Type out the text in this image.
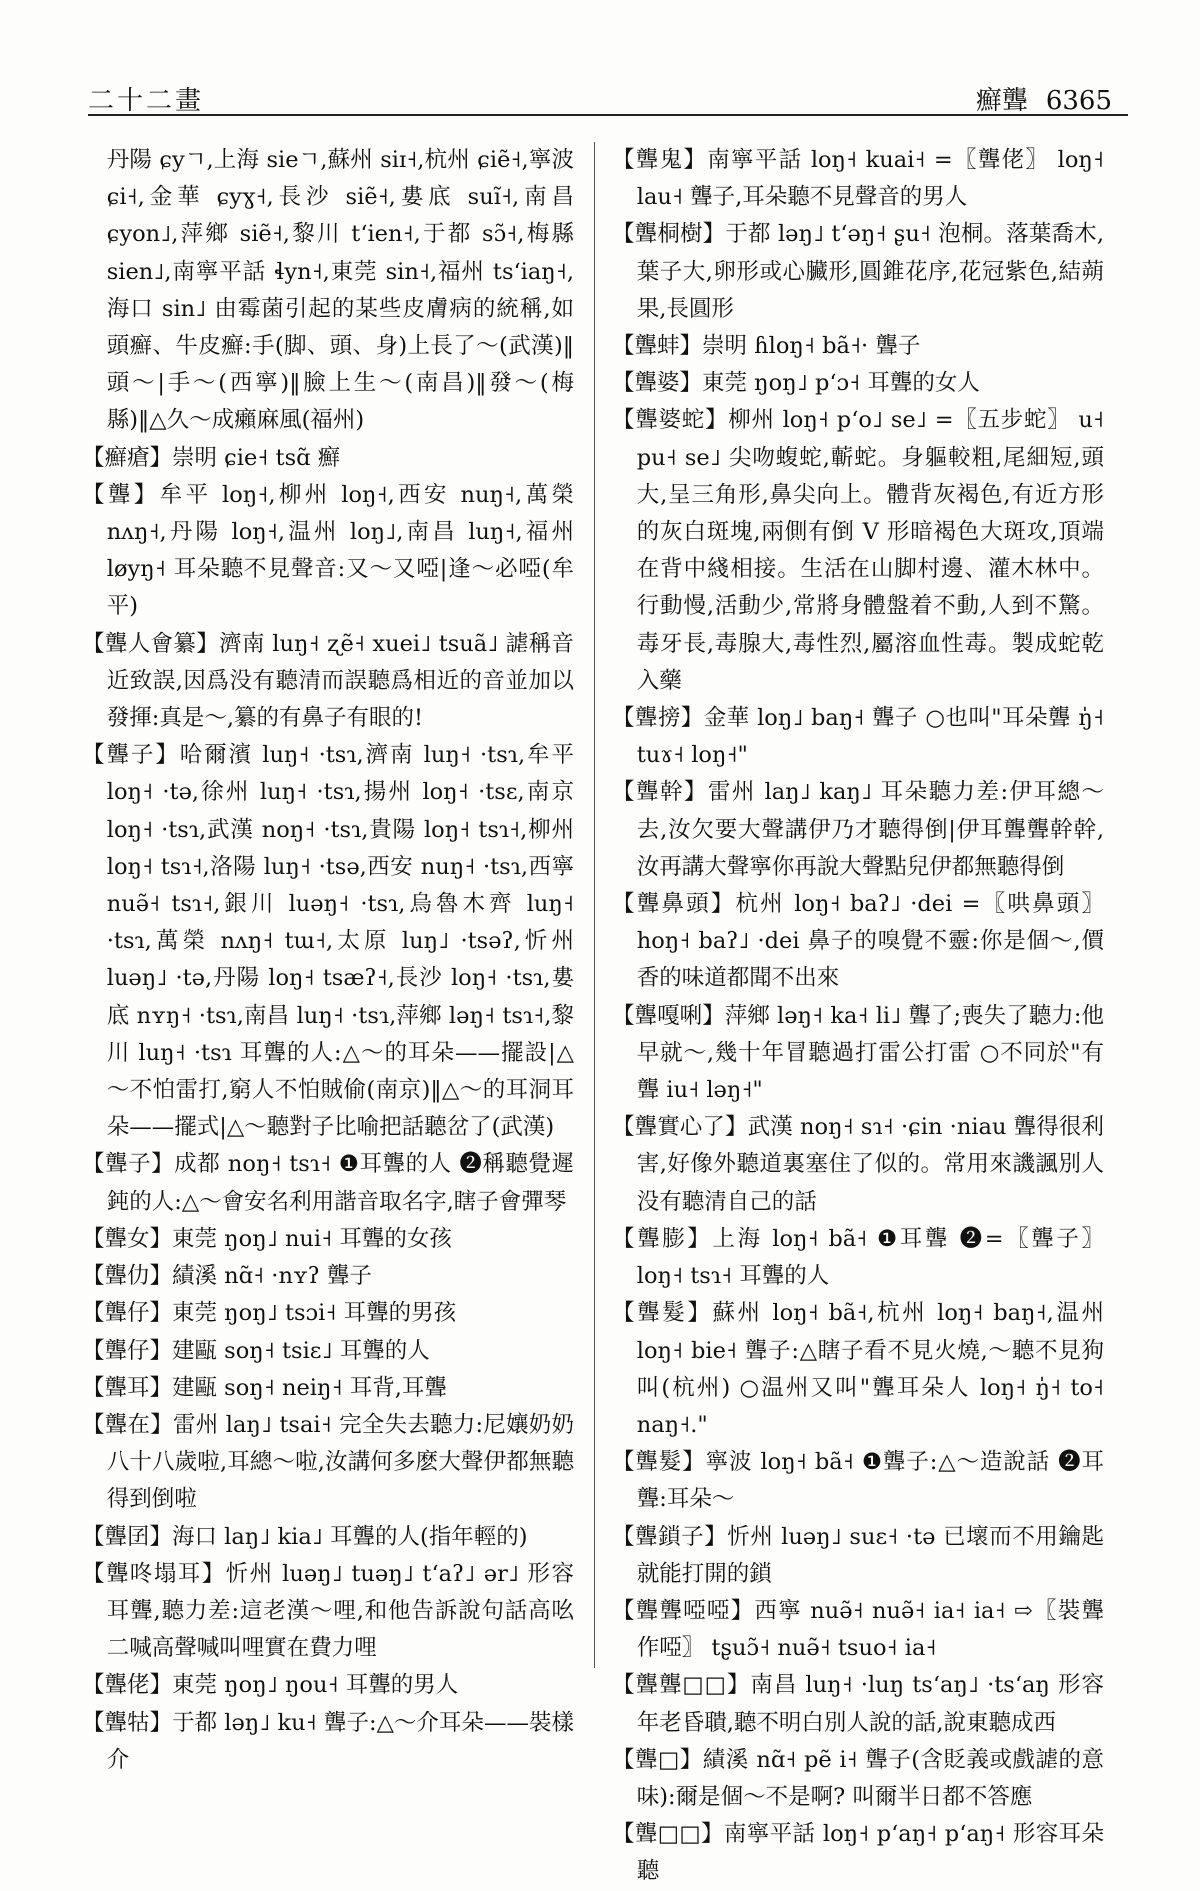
二十二畫	癬聾 6365
丹陽 ɕyㄱ,上海 sieㄱ,蘇州 siɪ˧,杭州 ɕiẽ˧,寧波 ɕi˧,金華 ɕyɣ˧,長沙 siẽ˧,婁底 suĩ˧,南昌 ɕyon˩,萍鄉 siẽ˧,黎川 tʻien˧,于都 sɔ̃˧,梅縣 sien˩,南寧平話 ɬyn˧,東莞 sin˧,福州 tsʻiaŋ˧,海口 sin˩ 由霉菌引起的某些皮膚病的統稱,如頭癬、牛皮癬:手(脚、頭、身)上長了～(武漢)‖頭～|手～(西寧)‖臉上生～(南昌)‖發～(梅縣)‖△久～成癩麻風(福州)
【癬瘡】崇明 ɕie˧ tsɑ̃ 癬
【聾】牟平 loŋ˧,柳州 loŋ˧,西安 nuŋ˧,萬榮 nʌŋ˧,丹陽 loŋ˧,温州 loŋ˩,南昌 luŋ˧,福州 løyŋ˧ 耳朵聽不見聲音:又～又啞|逢～必啞(牟平)
【聾人會纂】濟南 luŋ˧ ʐẽ˧ xuei˩ tsuã˩ 謔稱音近致誤,因爲没有聽清而誤聽爲相近的音並加以發揮:真是～,纂的有鼻子有眼的!
【聾子】哈爾濱 luŋ˧ ·tsɿ,濟南 luŋ˧ ·tsɿ,牟平 loŋ˧ ·tə,徐州 luŋ˧ ·tsɿ,揚州 loŋ˧ ·tsɛ,南京 loŋ˧ ·tsɿ,武漢 noŋ˧ ·tsɿ,貴陽 loŋ˧ tsɿ˧,柳州 loŋ˧ tsɿ˧,洛陽 luŋ˧ ·tsə,西安 nuŋ˧ ·tsɿ,西寧 nuə̃˧ tsɿ˧,銀川 luəŋ˧ ·tsɿ,烏魯木齊 luŋ˧ ·tsɿ,萬榮 nʌŋ˧ tɯ˧,太原 luŋ˩ ·tsəʔ,忻州 luəŋ˩ ·tə,丹陽 loŋ˧ tsæʔ˧,長沙 loŋ˧ ·tsɿ,婁底 nʏŋ˧ ·tsɿ,南昌 luŋ˧ ·tsɿ,萍鄉 ləŋ˧ tsɿ˧,黎川 luŋ˧ ·tsɿ 耳聾的人:△～的耳朵——擺設|△～不怕雷打,窮人不怕賊偷(南京)‖△～的耳洞耳朵——擺式|△～聽對子比喻把話聽岔了(武漢)
【聾子】成都 noŋ˧ tsɿ˧ ❶耳聾的人 ❷稱聽覺遲鈍的人:△～會安名利用諧音取名字,瞎子會彈琴
【聾女】東莞 ŋoŋ˩ nui˧ 耳聾的女孩
【聾仂】績溪 nɑ̃˧ ·nʏʔ 聾子
【聾仔】東莞 ŋoŋ˩ tsɔi˧ 耳聾的男孩
【聾仔】建甌 soŋ˧ tsiɛ˩ 耳聾的人
【聾耳】建甌 soŋ˧ neiŋ˧ 耳背,耳聾
【聾在】雷州 laŋ˩ tsai˧ 完全失去聽力:尼孃奶奶八十八歲啦,耳總～啦,汝講何多麽大聲伊都無聽得到倒啦
【聾囝】海口 laŋ˩ kia˩ 耳聾的人(指年輕的)
【聾咚塌耳】忻州 luəŋ˩ tuəŋ˩ tʻaʔ˩ ər˩ 形容耳聾,聽力差:這老漢～哩,和他告訴說句話高吆二喊高聲喊叫哩實在費力哩
【聾佬】東莞 ŋoŋ˩ ŋou˧ 耳聾的男人
【聾牯】于都 ləŋ˩ ku˧ 聾子:△～介耳朵——裝樣介
【聾鬼】南寧平話 loŋ˧ kuai˧ =〖聾佬〗 loŋ˧ lau˧ 聾子,耳朵聽不見聲音的男人
【聾桐樹】于都 ləŋ˩ tʻəŋ˧ ʂu˧ 泡桐。落葉喬木,葉子大,卵形或心臟形,圓錐花序,花冠紫色,結蒴果,長圓形
【聾蚌】崇明 ɦloŋ˧ bã˧· 聾子
【聾婆】東莞 ŋoŋ˩ pʻɔ˧ 耳聾的女人
【聾婆蛇】柳州 loŋ˧ pʻo˩ se˩ =〖五步蛇〗 u˧ pu˧ se˩ 尖吻蝮蛇,蘄蛇。身軀較粗,尾細短,頭大,呈三角形,鼻尖向上。體背灰褐色,有近方形的灰白斑塊,兩側有倒 V 形暗褐色大斑攻,頂端在背中綫相接。生活在山脚村邊、灌木林中。行動慢,活動少,常將身體盤着不動,人到不驚。毒牙長,毒腺大,毒性烈,屬溶血性毒。製成蛇乾入藥
【聾搒】金華 loŋ˩ baŋ˧ 聾子 ○也叫"耳朵聾 ŋ̍˧ tuɤ˧ loŋ˧"
【聾幹】雷州 laŋ˩ kaŋ˩ 耳朵聽力差:伊耳總～去,汝欠要大聲講伊乃才聽得倒|伊耳聾聾幹幹,汝再講大聲寧你再說大聲點兒伊都無聽得倒
【聾鼻頭】杭州 loŋ˧ baʔ˩ ·dei =〖哄鼻頭〗 hoŋ˧ baʔ˩ ·dei 鼻子的嗅覺不靈:你是個～,價香的味道都聞不出來
【聾嘎唎】萍鄉 ləŋ˧ ka˧ li˩ 聾了;喪失了聽力:他早就～,幾十年冒聽過打雷公打雷 ○不同於"有聾 iu˧ ləŋ˧"
【聾實心了】武漢 noŋ˧ sɿ˧ ·ɕin ·niau 聾得很利害,好像外聽道裏塞住了似的。常用來譏諷別人没有聽清自己的話
【聾膨】上海 loŋ˧ bã˧ ❶耳聾 ❷=〖聾子〗 loŋ˧ tsɿ˧ 耳聾的人
【聾髮】蘇州 loŋ˧ bã˧,杭州 loŋ˧ baŋ˧,温州 loŋ˧ bie˧ 聾子:△瞎子看不見火燒,～聽不見狗叫(杭州) ○温州又叫"聾耳朵人 loŋ˧ ŋ̍˧ to˧ naŋ˧."
【聾髮】寧波 loŋ˧ bã˧ ❶聾子:△～造說話 ❷耳聾:耳朵～
【聾鎖子】忻州 luəŋ˩ suɛ˧ ·tə 已壞而不用鑰匙就能打開的鎖
【聾聾啞啞】西寧 nuə̃˧ nuə̃˧ ia˧ ia˧ ⇨〖裝聾作啞〗 tʂuɔ̃˧ nuə̃˧ tsuo˧ ia˧
【聾聾□□】南昌 luŋ˧ ·luŋ tsʻaŋ˩ ·tsʻaŋ 形容年老昏聵,聽不明白別人說的話,說東聽成西
【聾□】績溪 nɑ̃˧ pẽ i˧ 聾子(含貶義或戲謔的意味):爾是個～不是啊? 叫爾半日都不答應
【聾□□】南寧平話 loŋ˧ pʻaŋ˧ pʻaŋ˧ 形容耳朵聽
